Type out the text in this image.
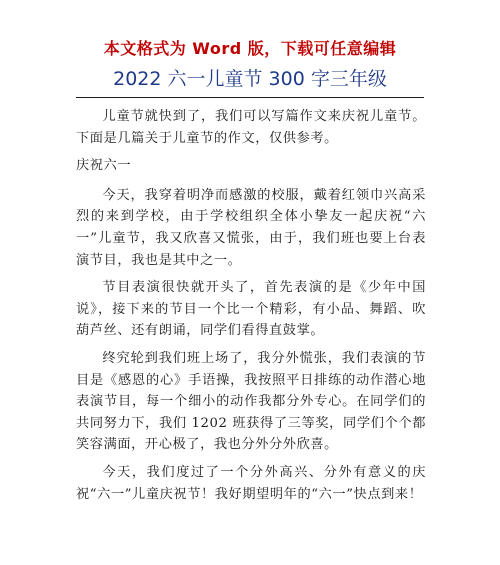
本文格式为 Word 版，下载可任意编辑
2022 六一儿童节 300 字三年级

儿童节就快到了，我们可以写篇作文来庆祝儿童节。下面是几篇关于儿童节的作文，仅供参考。

庆祝六一

今天，我穿着明净而感激的校服，戴着红领巾兴高采烈的来到学校，由于学校组织全体小挚友一起庆祝“六一”儿童节，我又欣喜又慌张，由于，我们班也要上台表演节目，我也是其中之一。

节目表演很快就开头了，首先表演的是《少年中国说》，接下来的节目一个比一个精彩，有小品、舞蹈、吹葫芦丝、还有朗诵，同学们看得直鼓掌。

终究轮到我们班上场了，我分外慌张，我们表演的节目是《感恩的心》手语操，我按照平日排练的动作潜心地表演节目，每一个细小的动作我都分外专心。在同学们的共同努力下，我们 1202 班获得了三等奖，同学们个个都笑容满面，开心极了，我也分外分外欣喜。

今天，我们度过了一个分外高兴、分外有意义的庆祝“六一”儿童庆祝节！我好期望明年的“六一”快点到来！
